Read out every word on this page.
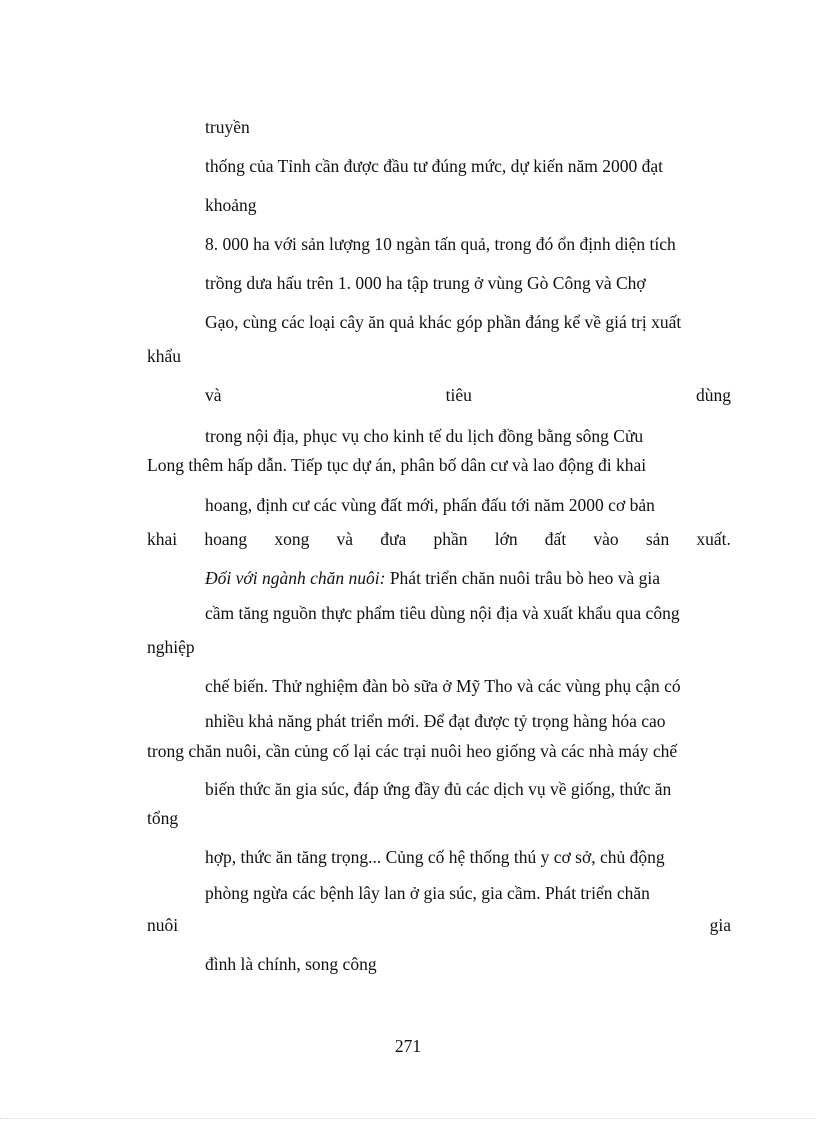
truyền

thống của Tỉnh cần được đầu tư đúng mức, dự kiến năm 2000 đạt

khoảng

8. 000 ha với sản lượng 10 ngàn tấn quả, trong đó ổn định diện tích

trồng dưa hấu trên 1. 000 ha tập trung ở vùng Gò Công và Chợ

Gạo, cùng các loại cây ăn quả khác góp phần đáng kể về giá trị xuất

khẩu

và	tiêu	dùng

trong nội địa, phục vụ cho kinh tế du lịch đồng bằng sông Cửu

Long thêm hấp dẫn. Tiếp tục dự án, phân bố dân cư và lao động đi khai

hoang, định cư các vùng đất mới, phấn đấu tới năm 2000 cơ bản

khai hoang xong và đưa phần lớn đất vào sản xuất.

Đối với ngành chăn nuôi: Phát triển chăn nuôi trâu bò heo và gia

cầm tăng nguồn thực phẩm tiêu dùng nội địa và xuất khẩu qua công

nghiệp

chế biến. Thử nghiệm đàn bò sữa ở Mỹ Tho và các vùng phụ cận có

nhiều khả năng phát triển mới. Để đạt được tỷ trọng hàng hóa cao

trong chăn nuôi, cần củng cố lại các trại nuôi heo giống và các nhà máy chế

biến thức ăn gia súc, đáp ứng đầy đủ các dịch vụ về giống, thức ăn

tổng

hợp, thức ăn tăng trọng... Củng cố hệ thống thú y cơ sở, chủ động

phòng ngừa các bệnh lây lan ở gia súc, gia cầm. Phát triển chăn

nuôi	gia

đình là chính, song công

271
